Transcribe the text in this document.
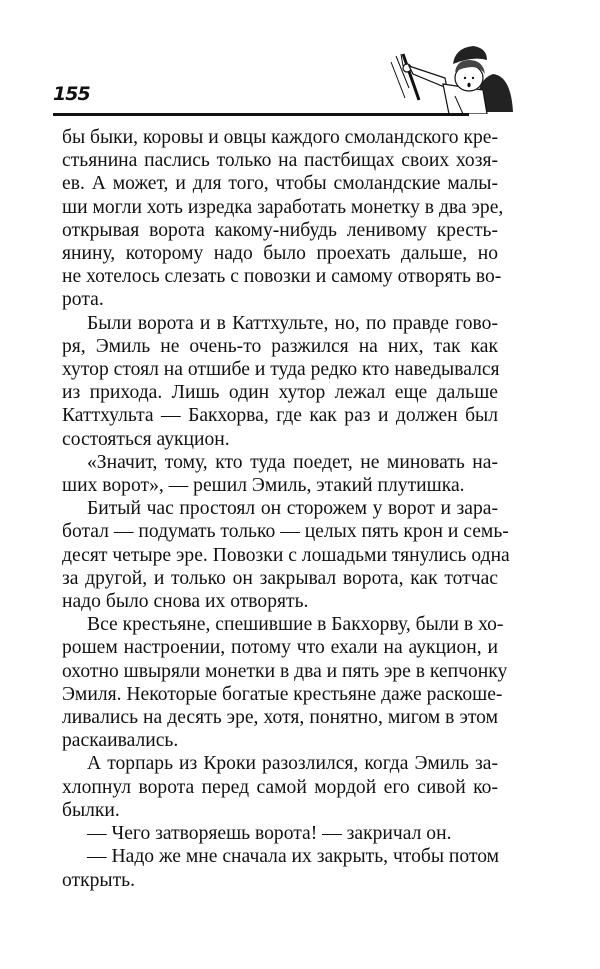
155
бы быки, коровы и овцы каждого смоландского кре-
стьянина паслись только на пастбищах своих хозя-
ев. А может, и для того, чтобы смоландские малы-
ши могли хоть изредка заработать монетку в два эре,
открывая ворота какому-нибудь ленивому кресть-
янину, которому надо было проехать дальше, но
не хотелось слезать с повозки и самому отворять во-
рота.
Были ворота и в Каттхульте, но, по правде гово-
ря, Эмиль не очень-то разжился на них, так как
хутор стоял на отшибе и туда редко кто наведывался
из прихода. Лишь один хутор лежал еще дальше
Каттхульта — Бакхорва, где как раз и должен был
состояться аукцион.
«Значит, тому, кто туда поедет, не миновать на-
ших ворот», — решил Эмиль, этакий плутишка.
Битый час простоял он сторожем у ворот и зара-
ботал — подумать только — целых пять крон и семь-
десят четыре эре. Повозки с лошадьми тянулись одна
за другой, и только он закрывал ворота, как тотчас
надо было снова их отворять.
Все крестьяне, спешившие в Бакхорву, были в хо-
рошем настроении, потому что ехали на аукцион, и
охотно швыряли монетки в два и пять эре в кепчонку
Эмиля. Некоторые богатые крестьяне даже раскоше-
ливались на десять эре, хотя, понятно, мигом в этом
раскаивались.
А торпарь из Кроки разозлился, когда Эмиль за-
хлопнул ворота перед самой мордой его сивой ко-
былки.
— Чего затворяешь ворота! — закричал он.
— Надо же мне сначала их закрыть, чтобы потом
открыть.
